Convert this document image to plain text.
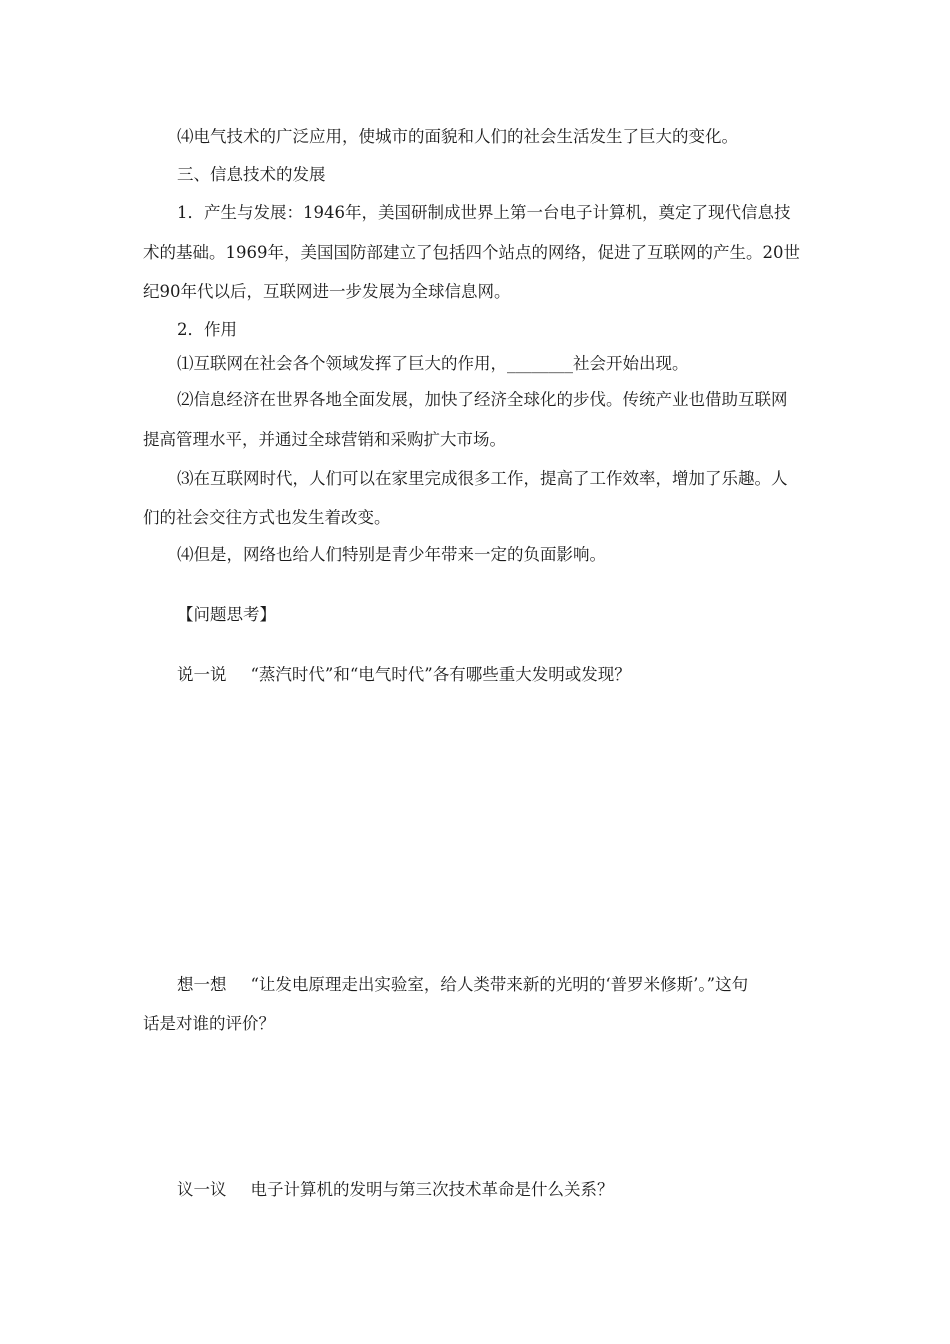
⑷电气技术的广泛应用，使城市的面貌和人们的社会生活发生了巨大的变化。
三、信息技术的发展
1．产生与发展：1946年，美国研制成世界上第一台电子计算机，奠定了现代信息技
术的基础。1969年，美国国防部建立了包括四个站点的网络，促进了互联网的产生。20世
纪90年代以后，互联网进一步发展为全球信息网。
2．作用
⑴互联网在社会各个领域发挥了巨大的作用，________社会开始出现。
⑵信息经济在世界各地全面发展，加快了经济全球化的步伐。传统产业也借助互联网
提高管理水平，并通过全球营销和采购扩大市场。
⑶在互联网时代，人们可以在家里完成很多工作，提高了工作效率，增加了乐趣。人
们的社会交往方式也发生着改变。
⑷但是，网络也给人们特别是青少年带来一定的负面影响。
【问题思考】
说一说 “蒸汽时代”和“电气时代”各有哪些重大发明或发现？
想一想 “让发电原理走出实验室，给人类带来新的光明的‘普罗米修斯’。”这句
话是对谁的评价？
议一议 电子计算机的发明与第三次技术革命是什么关系？
